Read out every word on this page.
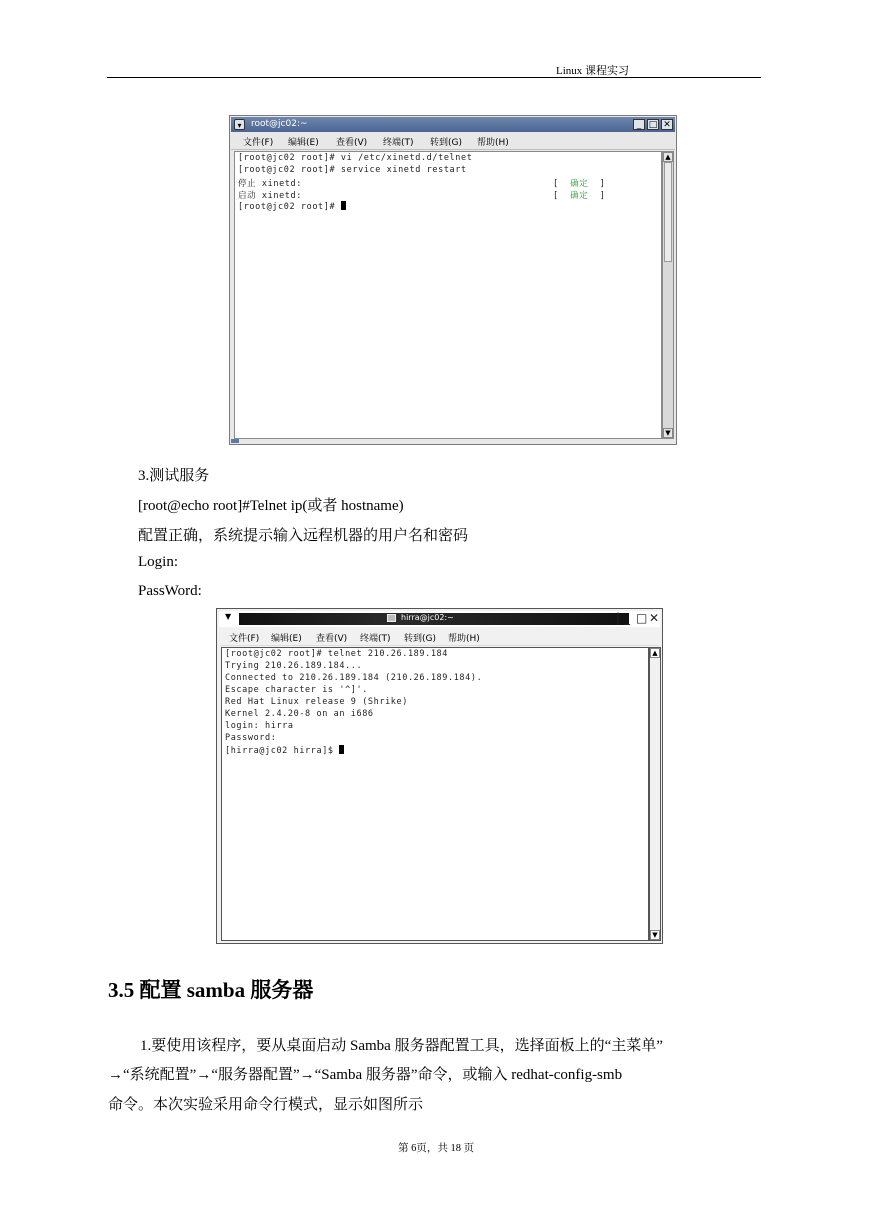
Linux 课程实习
▾	root@jc02:~	_ □ ✕
文件(F) 编辑(E) 查看(V) 终端(T) 转到(G) 帮助(H)
[root@jc02 root]# vi /etc/xinetd.d/telnet
[root@jc02 root]# service xinetd restart
停止 xinetd:
启动 xinetd:
[root@jc02 root]#
[ 确定 ]
[ 确定 ]
▲
▼
3.测试服务
[root@echo root]#Telnet ip(或者 hostname)
配置正确，系统提示输入远程机器的用户名和密码
Login:
PassWord:
▼	hirra@jc02:~	| _ □ ✕
文件(F) 编辑(E) 查看(V) 终端(T) 转到(G) 帮助(H)
[root@jc02 root]# telnet 210.26.189.184
Trying 210.26.189.184...
Connected to 210.26.189.184 (210.26.189.184).
Escape character is '^]'.
Red Hat Linux release 9 (Shrike)
Kernel 2.4.20-8 on an i686
login: hirra
Password:
[hirra@jc02 hirra]$
▲
▼
3.5 配置 samba 服务器
1.要使用该程序，要从桌面启动 Samba 服务器配置工具，选择面板上的“主菜单”
→“系统配置”→“服务器配置”→“Samba 服务器”命令，或输入 redhat-config-smb
命令。本次实验采用命令行模式，显示如图所示
第 6页，共 18 页
